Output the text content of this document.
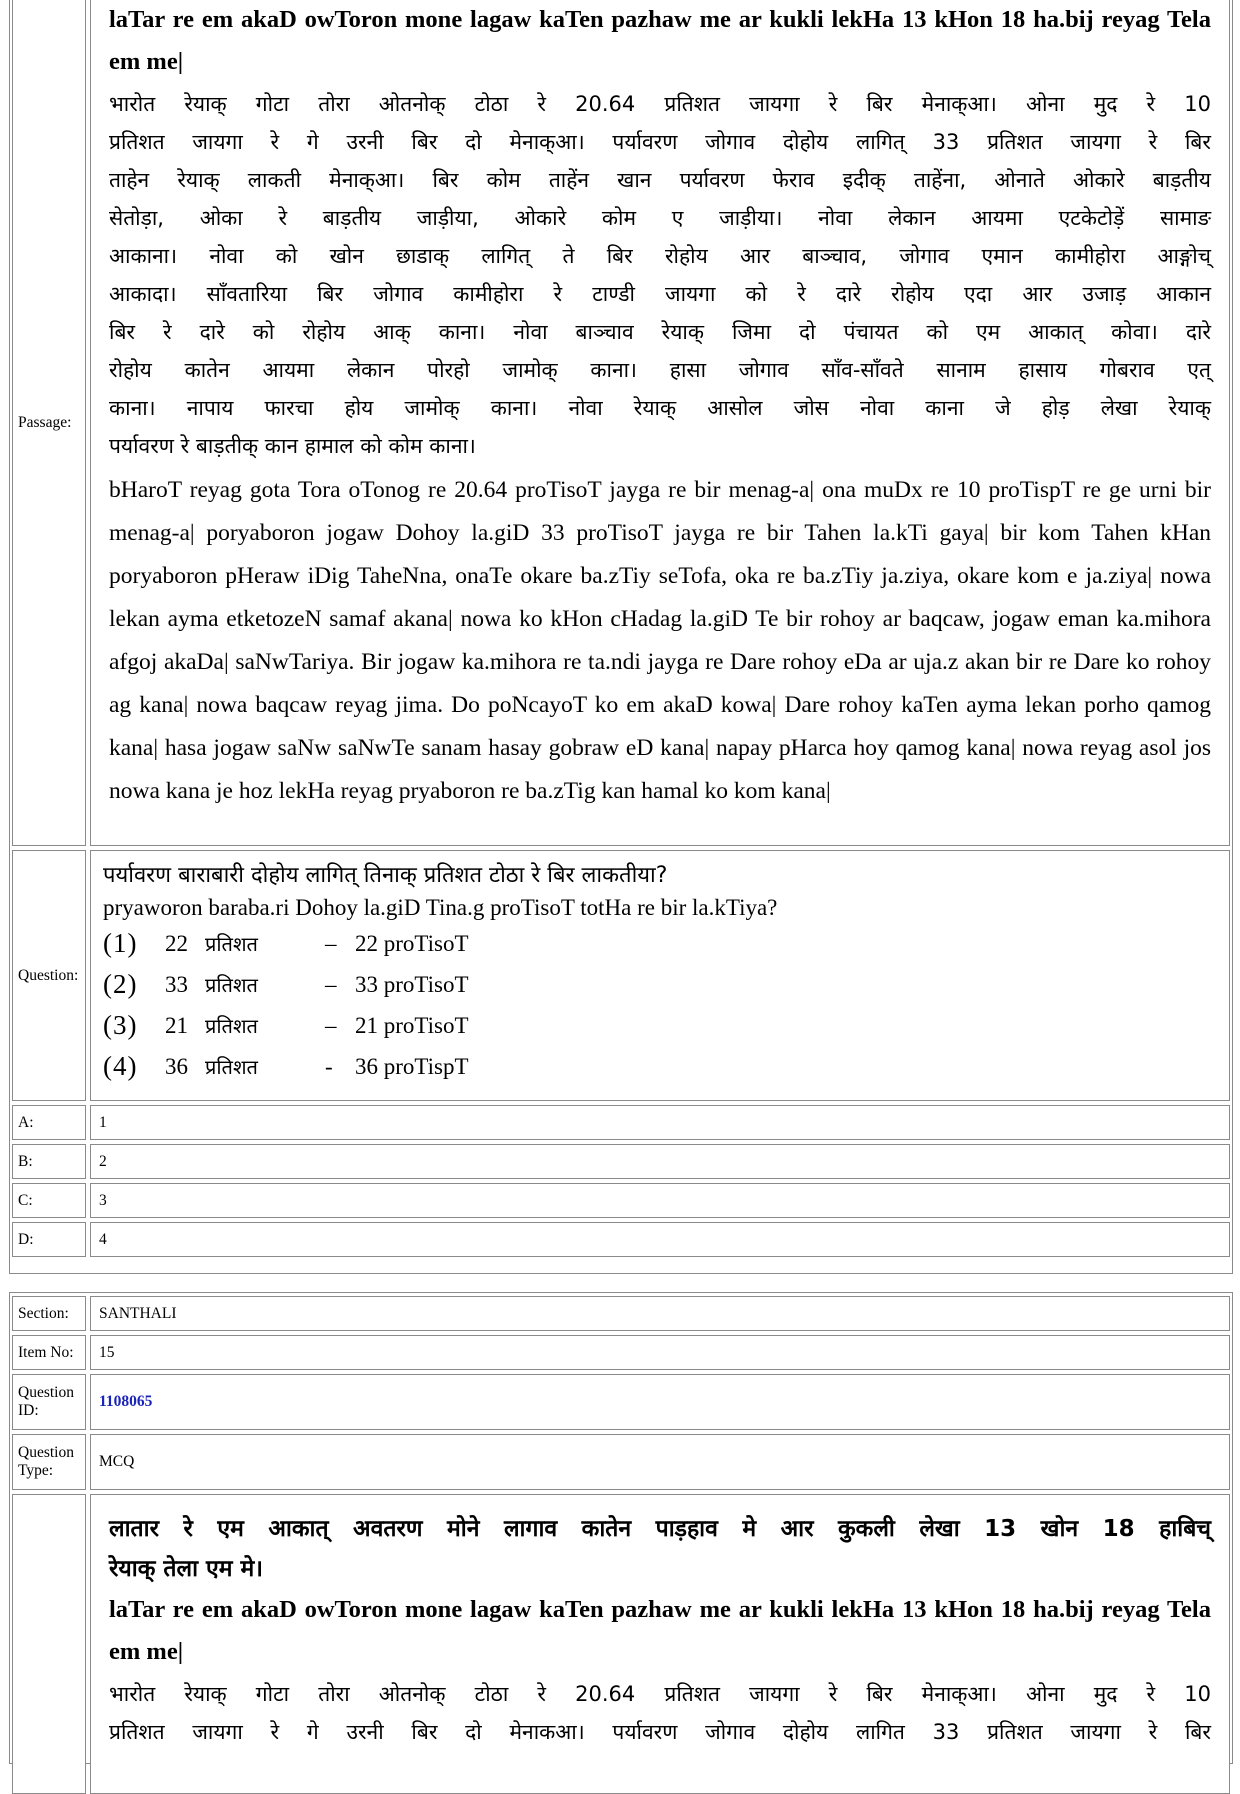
Passage:
laTar re em akaD owToron mone lagaw kaTen pazhaw me ar kukli lekHa 13 kHon 18 ha.bij reyag Tela em me|

भारोत रेयाक् गोटा तोरा ओतनोक् टोठा रे 20.64 प्रतिशत जायगा रे बिर मेनाक्आ। ओना मुद रे 10

प्रतिशत जायगा रे गे उरनी बिर दो मेनाक्आ। पर्यावरण जोगाव दोहोय लागित् 33 प्रतिशत जायगा रे बिर

ताहेन रेयाक् लाकती मेनाक्आ। बिर कोम ताहेंन खान पर्यावरण फेराव इदीक् ताहेंना, ओनाते ओकारे बाड़तीय

सेतोड़ा, ओका रे बाड़तीय जाड़ीया, ओकारे कोम ए जाड़ीया। नोवा लेकान आयमा एटकेटोड़ें सामाङ

आकाना। नोवा को खोन छाडाक् लागित् ते बिर रोहोय आर बाञ्चाव, जोगाव एमान कामीहोरा आङ्गोच्

आकादा। साँवतारिया बिर जोगाव कामीहोरा रे टाण्डी जायगा को रे दारे रोहोय एदा आर उजाड़ आकान

बिर रे दारे को रोहोय आक् काना। नोवा बाञ्चाव रेयाक् जिमा दो पंचायत को एम आकात् कोवा। दारे

रोहोय कातेन आयमा लेकान पोरहो जामोक् काना। हासा जोगाव साँव-साँवते सानाम हासाय गोबराव एत्

काना। नापाय फारचा होय जामोक् काना। नोवा रेयाक् आसोल जोस नोवा काना जे होड़ लेखा रेयाक्

पर्यावरण रे बाड़तीक् कान हामाल को कोम काना।

bHaroT reyag gota Tora oTonog re 20.64 proTisoT jayga re bir menag-a| ona muDx re 10 proTispT re ge urni bir menag-a| poryaboron jogaw Dohoy la.giD 33 proTisoT jayga re bir Tahen la.kTi gaya| bir kom Tahen kHan poryaboron pHeraw iDig TaheNna, onaTe okare ba.zTiy seTofa, oka re ba.zTiy ja.ziya, okare kom e ja.ziya| nowa lekan ayma etketozeN samaf akana| nowa ko kHon cHadag la.giD Te bir rohoy ar baqcaw, jogaw eman ka.mihora afgoj akaDa| saNwTariya. Bir jogaw ka.mihora re ta.ndi jayga re Dare rohoy eDa ar uja.z akan bir re Dare ko rohoy ag kana| nowa baqcaw reyag jima. Do poNcayoT ko em akaD kowa| Dare rohoy kaTen ayma lekan porho qamog kana| hasa jogaw saNw saNwTe sanam hasay gobraw eD kana| napay pHarca hoy qamog kana| nowa reyag asol jos nowa kana je hoz lekHa reyag pryaboron re ba.zTig kan hamal ko kom kana|
Question:
पर्यावरण बाराबारी दोहोय लागित् तिनाक् प्रतिशत टोठा रे बिर लाकतीया?
pryaworon baraba.ri Dohoy la.giD Tina.g proTisoT totHa re bir la.kTiya?
(1)	22 प्रतिशत	– 22 proTisoT
(2)	33 प्रतिशत	– 33 proTisoT
(3)	21 प्रतिशत	– 21 proTisoT
(4)	36 प्रतिशत	- 36 proTispT
A:	1
B:	2
C:	3
D:	4
Section:	SANTHALI
Item No:	15
Question ID:
1108065
Question Type:
MCQ

लातार रे एम आकात् अवतरण मोने लागाव कातेन पाड़हाव मे आर कुकली लेखा 13 खोन 18 हाबिच्

रेयाक् तेला एम मे।

laTar re em akaD owToron mone lagaw kaTen pazhaw me ar kukli lekHa 13 kHon 18 ha.bij reyag Tela em me|

भारोत रेयाक् गोटा तोरा ओतनोक् टोठा रे 20.64 प्रतिशत जायगा रे बिर मेनाक्आ। ओना मुद रे 10

प्रतिशत जायगा रे गे उरनी बिर दो मेनाकआ। पर्यावरण जोगाव दोहोय लागित 33 प्रतिशत जायगा रे बिर
